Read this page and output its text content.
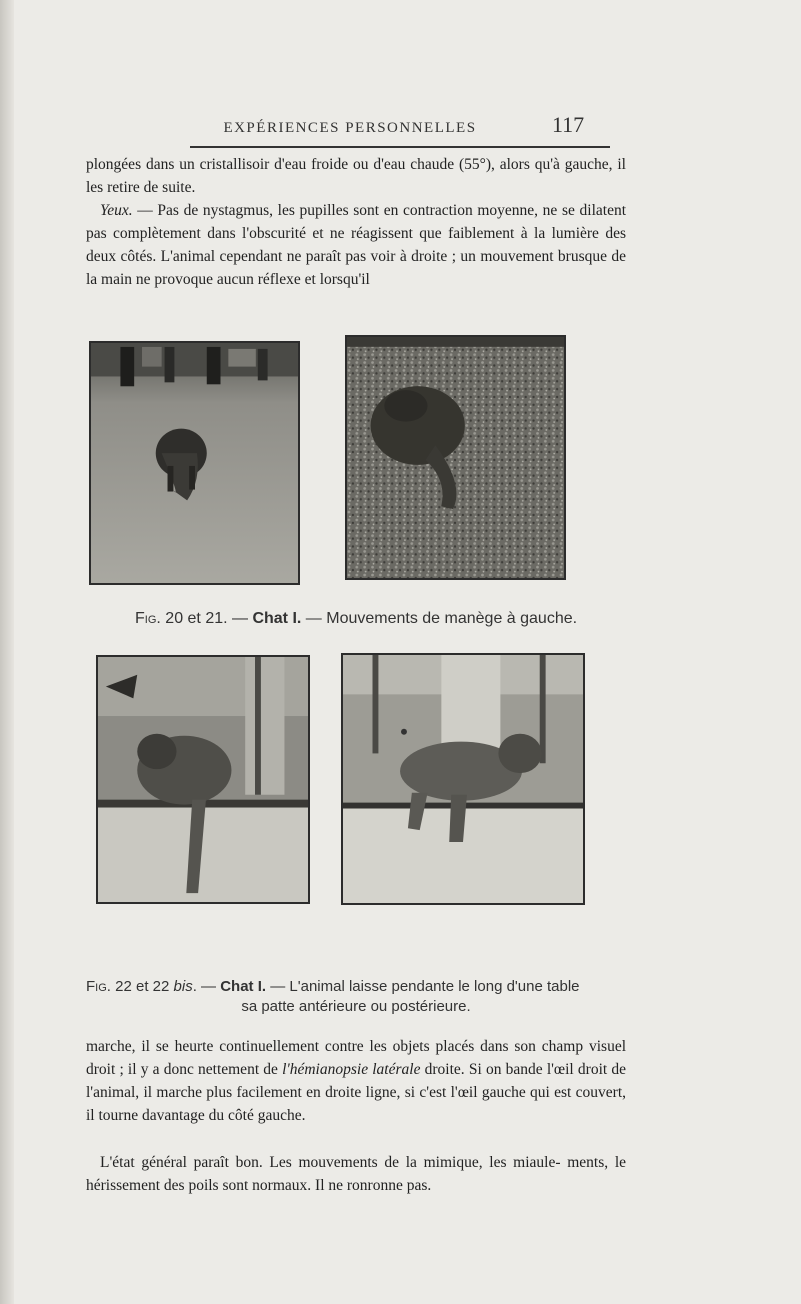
EXPÉRIENCES PERSONNELLES	117

plongées dans un cristallisoir d'eau froide ou d'eau chaude (55°), alors qu'à gauche, il les retire de suite.
Yeux. — Pas de nystagmus, les pupilles sont en contraction moyenne, ne se dilatent pas complètement dans l'obscurité et ne réagissent que faiblement à la lumière des deux côtés. L'animal cependant ne paraît pas voir à droite ; un mouvement brusque de la main ne provoque aucun réflexe et lorsqu'il

Fig. 20 et 21. — Chat I. — Mouvements de manège à gauche.

Fig. 22 et 22 bis. — Chat I. — L'animal laisse pendante le long d'une table
sa patte antérieure ou postérieure.

marche, il se heurte continuellement contre les objets placés dans son champ visuel droit ; il y a donc nettement de l'hémianopsie latérale droite. Si on bande l'œil droit de l'animal, il marche plus facilement en droite ligne, si c'est l'œil gauche qui est couvert, il tourne davantage du côté gauche.

L'état général paraît bon. Les mouvements de la mimique, les miaule- ments, le hérissement des poils sont normaux. Il ne ronronne pas.
